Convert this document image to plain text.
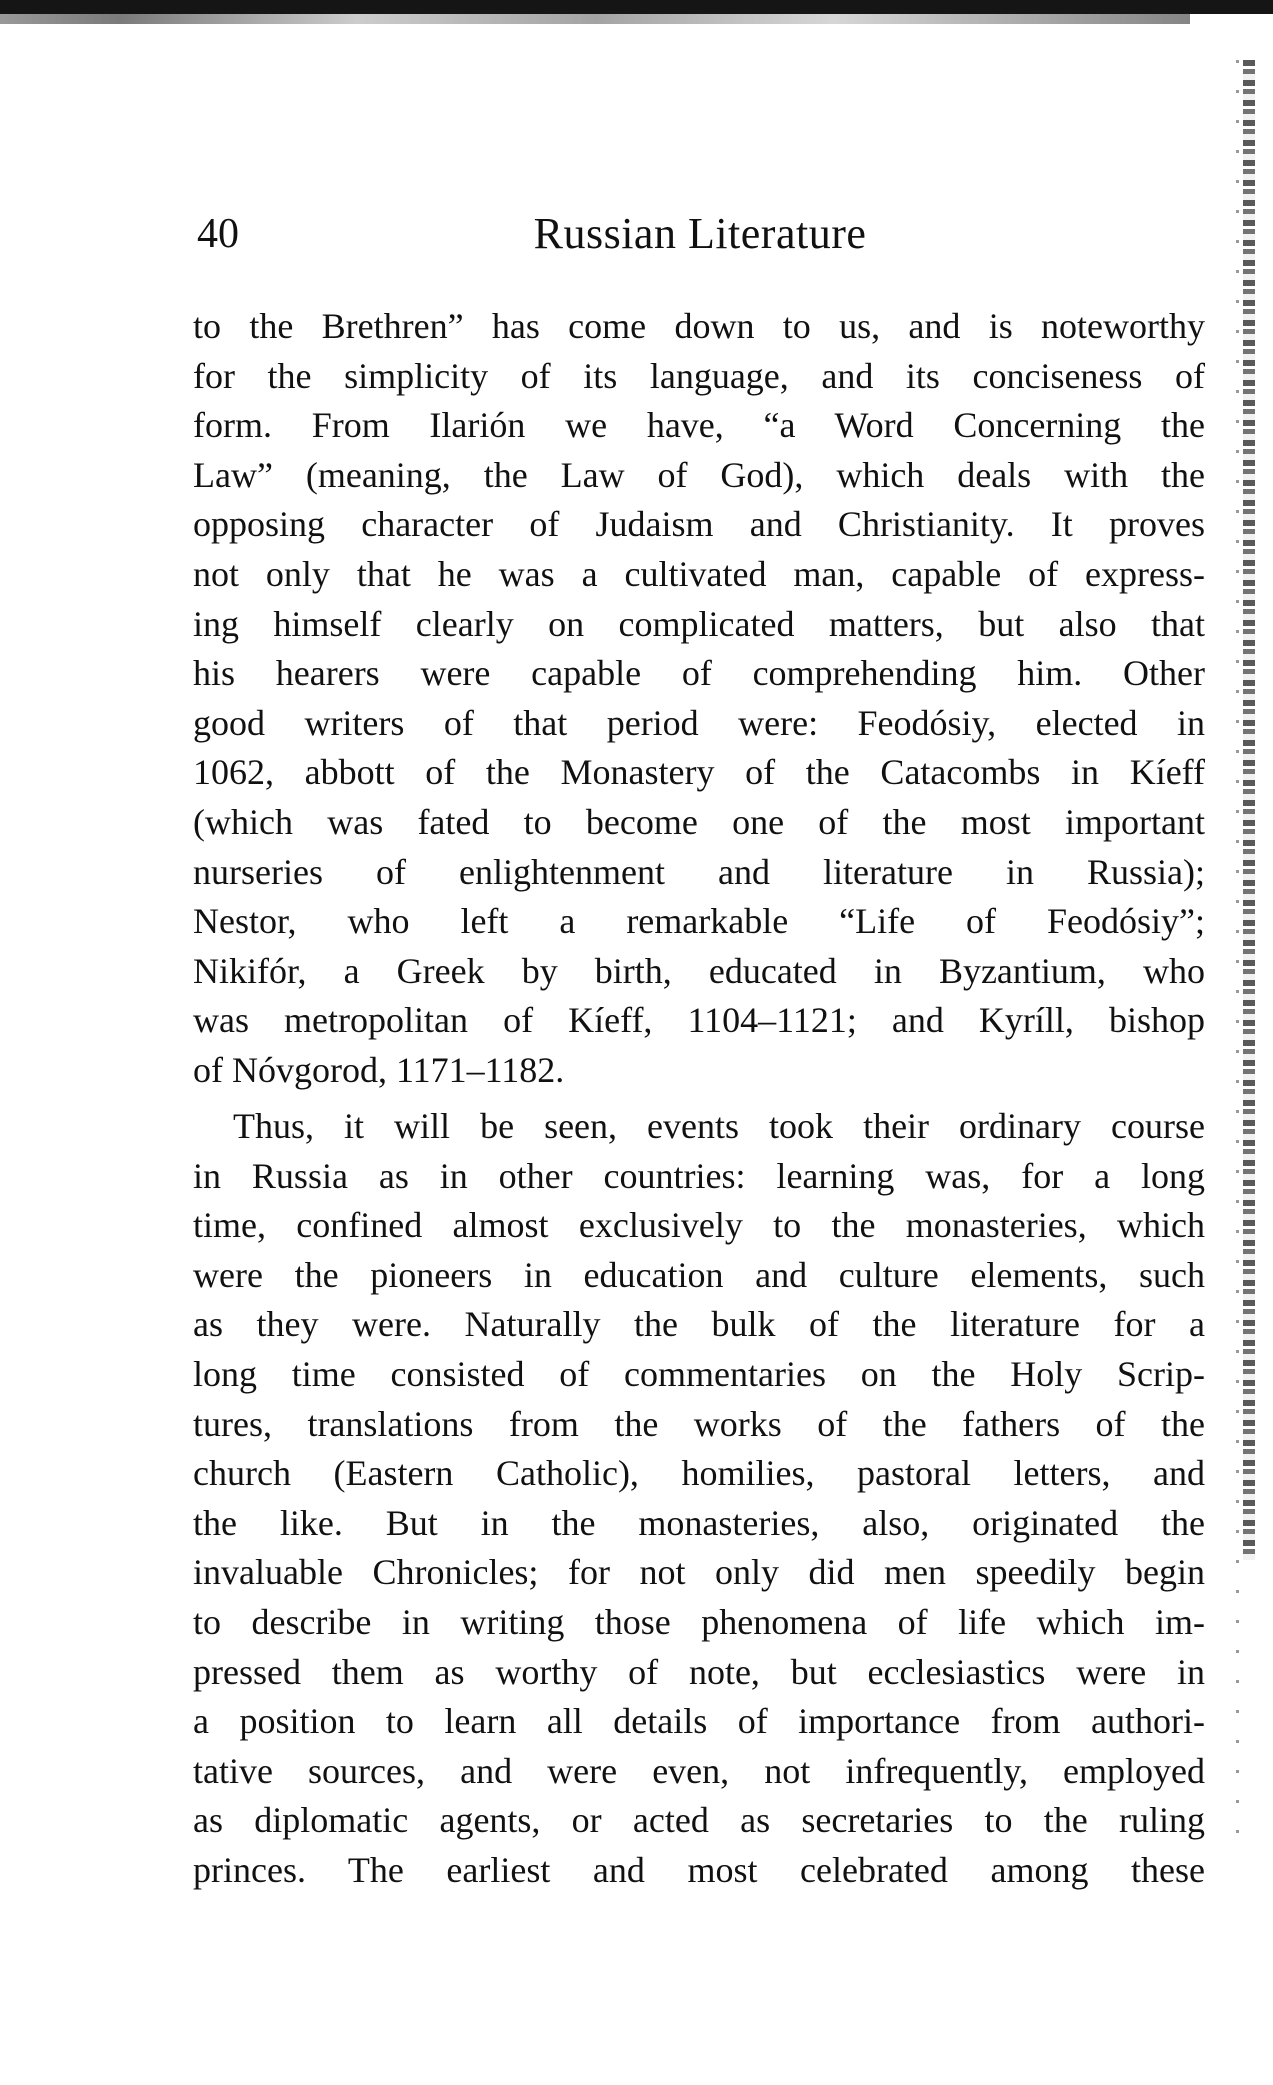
40	Russian Literature
to the Brethren” has come down to us, and is noteworthy
for the simplicity of its language, and its conciseness of
form. From Ilarión we have, “a Word Concerning the
Law” (meaning, the Law of God), which deals with the
opposing character of Judaism and Christianity. It proves
not only that he was a cultivated man, capable of express-
ing himself clearly on complicated matters, but also that
his hearers were capable of comprehending him. Other
good writers of that period were: Feodósiy, elected in
1062, abbott of the Monastery of the Catacombs in Kíeff
(which was fated to become one of the most important
nurseries of enlightenment and literature in Russia);
Nestor, who left a remarkable “Life of Feodósiy”;
Nikifór, a Greek by birth, educated in Byzantium, who
was metropolitan of Kíeff, 1104–1121; and Kyríll, bishop
of Nóvgorod, 1171–1182.
Thus, it will be seen, events took their ordinary course
in Russia as in other countries: learning was, for a long
time, confined almost exclusively to the monasteries, which
were the pioneers in education and culture elements, such
as they were. Naturally the bulk of the literature for a
long time consisted of commentaries on the Holy Scrip-
tures, translations from the works of the fathers of the
church (Eastern Catholic), homilies, pastoral letters, and
the like. But in the monasteries, also, originated the
invaluable Chronicles; for not only did men speedily begin
to describe in writing those phenomena of life which im-
pressed them as worthy of note, but ecclesiastics were in
a position to learn all details of importance from authori-
tative sources, and were even, not infrequently, employed
as diplomatic agents, or acted as secretaries to the ruling
princes. The earliest and most celebrated among these
